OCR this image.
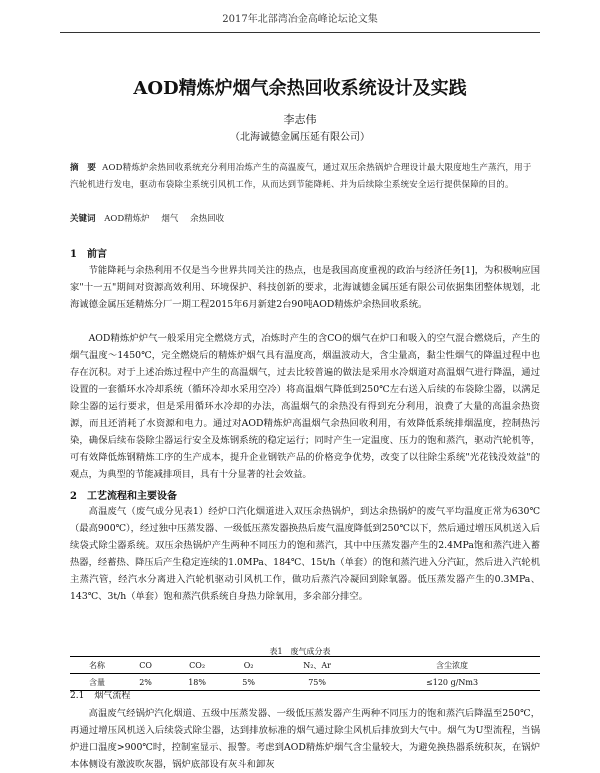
2017年北部湾冶金高峰论坛论文集
AOD精炼炉烟气余热回收系统设计及实践
李志伟
（北海诚德金属压延有限公司）
摘　要 AOD精炼炉余热回收系统充分利用冶炼产生的高温废气，通过双压余热锅炉合理设计最大限度地生产蒸汽，用于汽轮机进行发电，驱动布袋除尘系统引风机工作，从而达到节能降耗、并为后续除尘系统安全运行提供保障的目的。
关键词 AOD精炼炉 烟气 余热回收
1　前言
节能降耗与余热利用不仅是当今世界共同关注的热点，也是我国高度重视的政治与经济任务[1]，为积极响应国家"十一五"期间对资源高效利用、环境保护、科技创新的要求，北海诚德金属压延有限公司依据集团整体规划，北海诚德金属压延精炼分厂一期工程2015年6月新建2台90吨AOD精炼炉余热回收系统。
AOD精炼炉炉气一般采用完全燃烧方式，冶炼时产生的含CO的烟气在炉口和吸入的空气混合燃烧后，产生的烟气温度～1450℃，完全燃烧后的精炼炉烟气具有温度高，烟温波动大，含尘量高，黏尘性烟气的降温过程中也存在沉积。对于上述冶炼过程中产生的高温烟气，过去比较普遍的做法是采用水冷烟道对高温烟气进行降温，通过设置的一套循环水冷却系统（循环冷却水采用空冷）将高温烟气降低到250℃左右送入后续的布袋除尘器，以满足除尘器的运行要求，但是采用循环水冷却的办法，高温烟气的余热没有得到充分利用，浪费了大量的高温余热资源，而且还消耗了水资源和电力。通过对AOD精炼炉高温烟气余热回收利用，有效降低系统排烟温度，控制热污染，确保后续布袋除尘器运行安全及炼钢系统的稳定运行；同时产生一定温度、压力的饱和蒸汽，驱动汽轮机等，可有效降低炼钢精炼工序的生产成本，提升企业钢铁产品的价格竞争优势，改变了以往除尘系统"光花钱没效益"的观点，为典型的节能减排项目，具有十分显著的社会效益。
2　工艺流程和主要设备
高温废气（废气成分见表1）经炉口汽化烟道进入双压余热锅炉，到达余热锅炉的废气平均温度正常为630℃（最高900℃），经过独中压蒸发器、一级低压蒸发器换热后废气温度降低到250℃以下，然后通过增压风机送入后续袋式除尘器系统。双压余热锅炉产生两种不同压力的饱和蒸汽，其中中压蒸发器产生的2.4MPa饱和蒸汽进入蓄热器，经蓄热、降压后产生稳定连续的1.0MPa、184℃、15t/h（单套）的饱和蒸汽进入分汽缸，然后进入汽轮机主蒸汽管，经汽水分离进入汽轮机驱动引风机工作，做功后蒸汽冷凝回到除氧器。低压蒸发器产生的0.3MPa、143℃、3t/h（单套）饱和蒸汽供系统自身热力除氧用，多余部分排空。
表1　废气成分表
名称	CO	CO₂	O₂	N₂、Ar	含尘浓度
含量	2%	18%	5%	75%	≤120 g/Nm3
2.1 烟气流程
高温废气经锅炉汽化烟道、五级中压蒸发器、一级低压蒸发器产生两种不同压力的饱和蒸汽后降温至250℃，再通过增压风机送入后续袋式除尘器，达到排放标准的烟气通过除尘风机后排放到大气中。烟气为U型流程，当锅炉进口温度>900℃时，控制室显示、报警。考虑到AOD精炼炉烟气含尘量较大，为避免换热器系统积灰，在锅炉本体侧设有激波吹灰器，锅炉底部设有灰斗和卸灰
